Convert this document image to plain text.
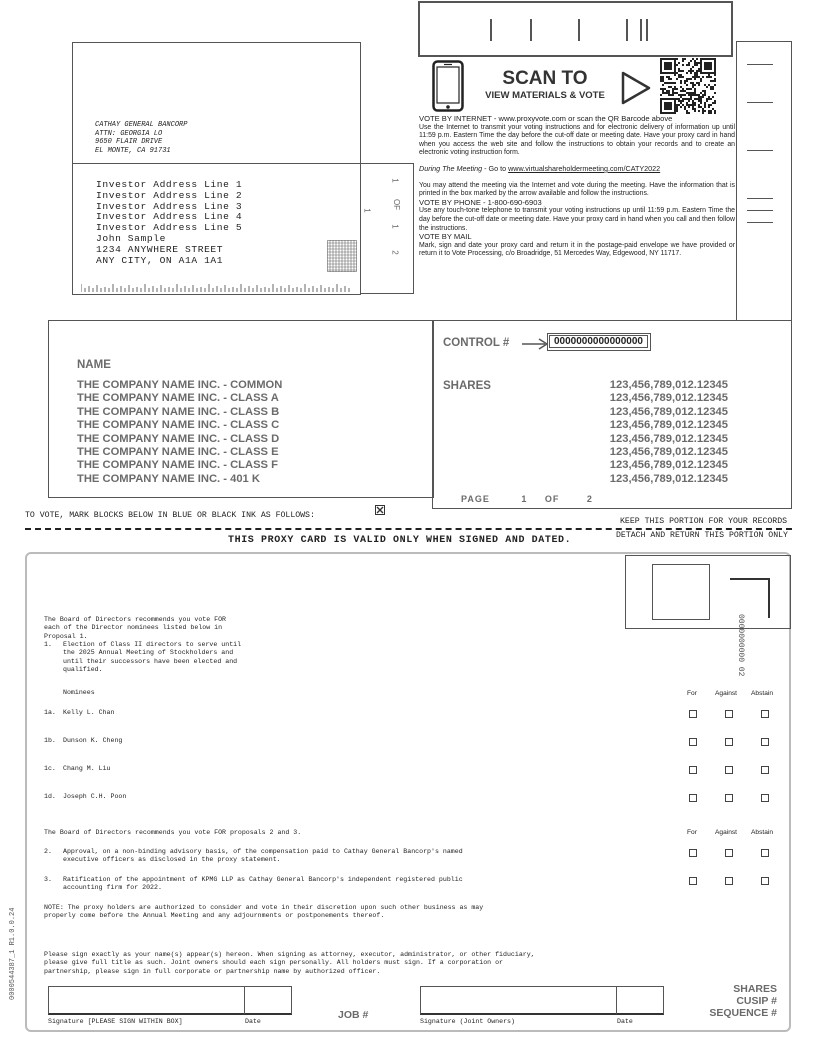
CATHAY GENERAL BANCORP
ATTN: GEORGIA LO
9650 FLAIR DRIVE
EL MONTE, CA 91731
Investor Address Line 1
Investor Address Line 2
Investor Address Line 3
Investor Address Line 4
Investor Address Line 5
John Sample
1234 ANYWHERE STREET
ANY CITY, ON A1A 1A1
1
OF
1
1
2
SCAN TO
VIEW MATERIALS & VOTE
VOTE BY INTERNET - www.proxyvote.com or scan the QR Barcode above
Use the Internet to transmit your voting instructions and for electronic delivery of information up until 11:59 p.m. Eastern Time the day before the cut-off date or meeting date. Have your proxy card in hand when you access the web site and follow the instructions to obtain your records and to create an electronic voting instruction form.
During The Meeting - Go to www.virtualshareholdermeeting.com/CATY2022
You may attend the meeting via the Internet and vote during the meeting. Have the information that is printed in the box marked by the arrow available and follow the instructions.
VOTE BY PHONE - 1-800-690-6903
Use any touch-tone telephone to transmit your voting instructions up until 11:59 p.m. Eastern Time the day before the cut-off date or meeting date. Have your proxy card in hand when you call and then follow the instructions.
VOTE BY MAIL
Mark, sign and date your proxy card and return it in the postage-paid envelope we have provided or return it to Vote Processing, c/o Broadridge, 51 Mercedes Way, Edgewood, NY 11717.
NAME
THE COMPANY NAME INC. - COMMON
THE COMPANY NAME INC. - CLASS A
THE COMPANY NAME INC. - CLASS B
THE COMPANY NAME INC. - CLASS C
THE COMPANY NAME INC. - CLASS D
THE COMPANY NAME INC. - CLASS E
THE COMPANY NAME INC. - CLASS F
THE COMPANY NAME INC. - 401 K
CONTROL #	0000000000000000
SHARES	123,456,789,012.12345
123,456,789,012.12345
123,456,789,012.12345
123,456,789,012.12345
123,456,789,012.12345
123,456,789,012.12345
123,456,789,012.12345
123,456,789,012.12345
PAGE	1 OF	2
TO VOTE, MARK BLOCKS BELOW IN BLUE OR BLACK INK AS FOLLOWS:
KEEP THIS PORTION FOR YOUR RECORDS
THIS PROXY CARD IS VALID ONLY WHEN SIGNED AND DATED.	DETACH AND RETURN THIS PORTION ONLY
The Board of Directors recommends you vote FOR
each of the Director nominees listed below in
Proposal 1.
1. Election of Class II directors to serve until
the 2025 Annual Meeting of Stockholders and
until their successors have been elected and
qualified.
Nominees	For	Against Abstain
1a. Kelly L. Chan
1b. Dunson K. Cheng
1c. Chang M. Liu
1d. Joseph C.H. Poon
The Board of Directors recommends you vote FOR proposals 2 and 3.	For	Against Abstain
2. Approval, on a non-binding advisory basis, of the compensation paid to Cathay General Bancorp's named
executive officers as disclosed in the proxy statement.
3. Ratification of the appointment of KPMG LLP as Cathay General Bancorp's independent registered public
accounting firm for 2022.
NOTE: The proxy holders are authorized to consider and vote in their discretion upon such other business as may
properly come before the Annual Meeting and any adjournments or postponements thereof.
Please sign exactly as your name(s) appear(s) hereon. When signing as attorney, executor, administrator, or other fiduciary,
please give full title as such. Joint owners should each sign personally. All holders must sign. If a corporation or
partnership, please sign in full corporate or partnership name by authorized officer.
Signature [PLEASE SIGN WITHIN BOX]	Date
JOB #
Signature (Joint Owners)	Date
SHARES
CUSIP #
SEQUENCE #
0000000000 02
0000544387_1 R1.0.0.24
